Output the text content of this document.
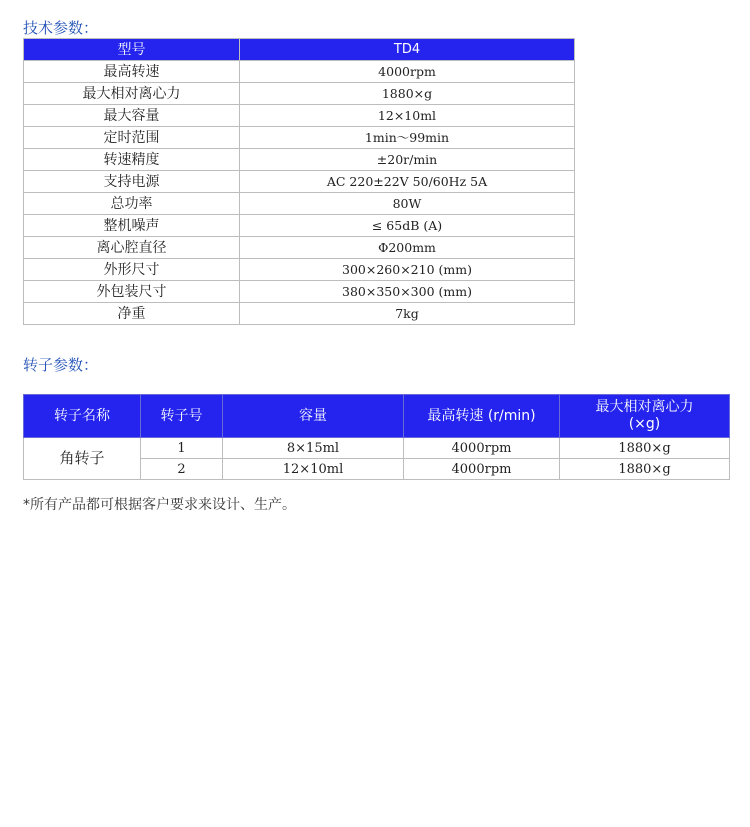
技术参数：
型号	TD4
最高转速	4000rpm
最大相对离心力	1880×g
最大容量	12×10ml
定时范围	1min～99min
转速精度	±20r/min
支持电源	AC 220±22V 50/60Hz 5A
总功率	80W
整机噪声	≤ 65dB (A)
离心腔直径	Φ200mm
外形尺寸	300×260×210 (mm)
外包装尺寸	380×350×300 (mm)
净重	7kg
转子参数：
转子名称	转子号	容量	最高转速 (r/min)	最大相对离心力
(×g)

角转子	1	8×15ml	4000rpm	1880×g
	2	12×10ml	4000rpm	1880×g
*所有产品都可根据客户要求来设计、生产。
